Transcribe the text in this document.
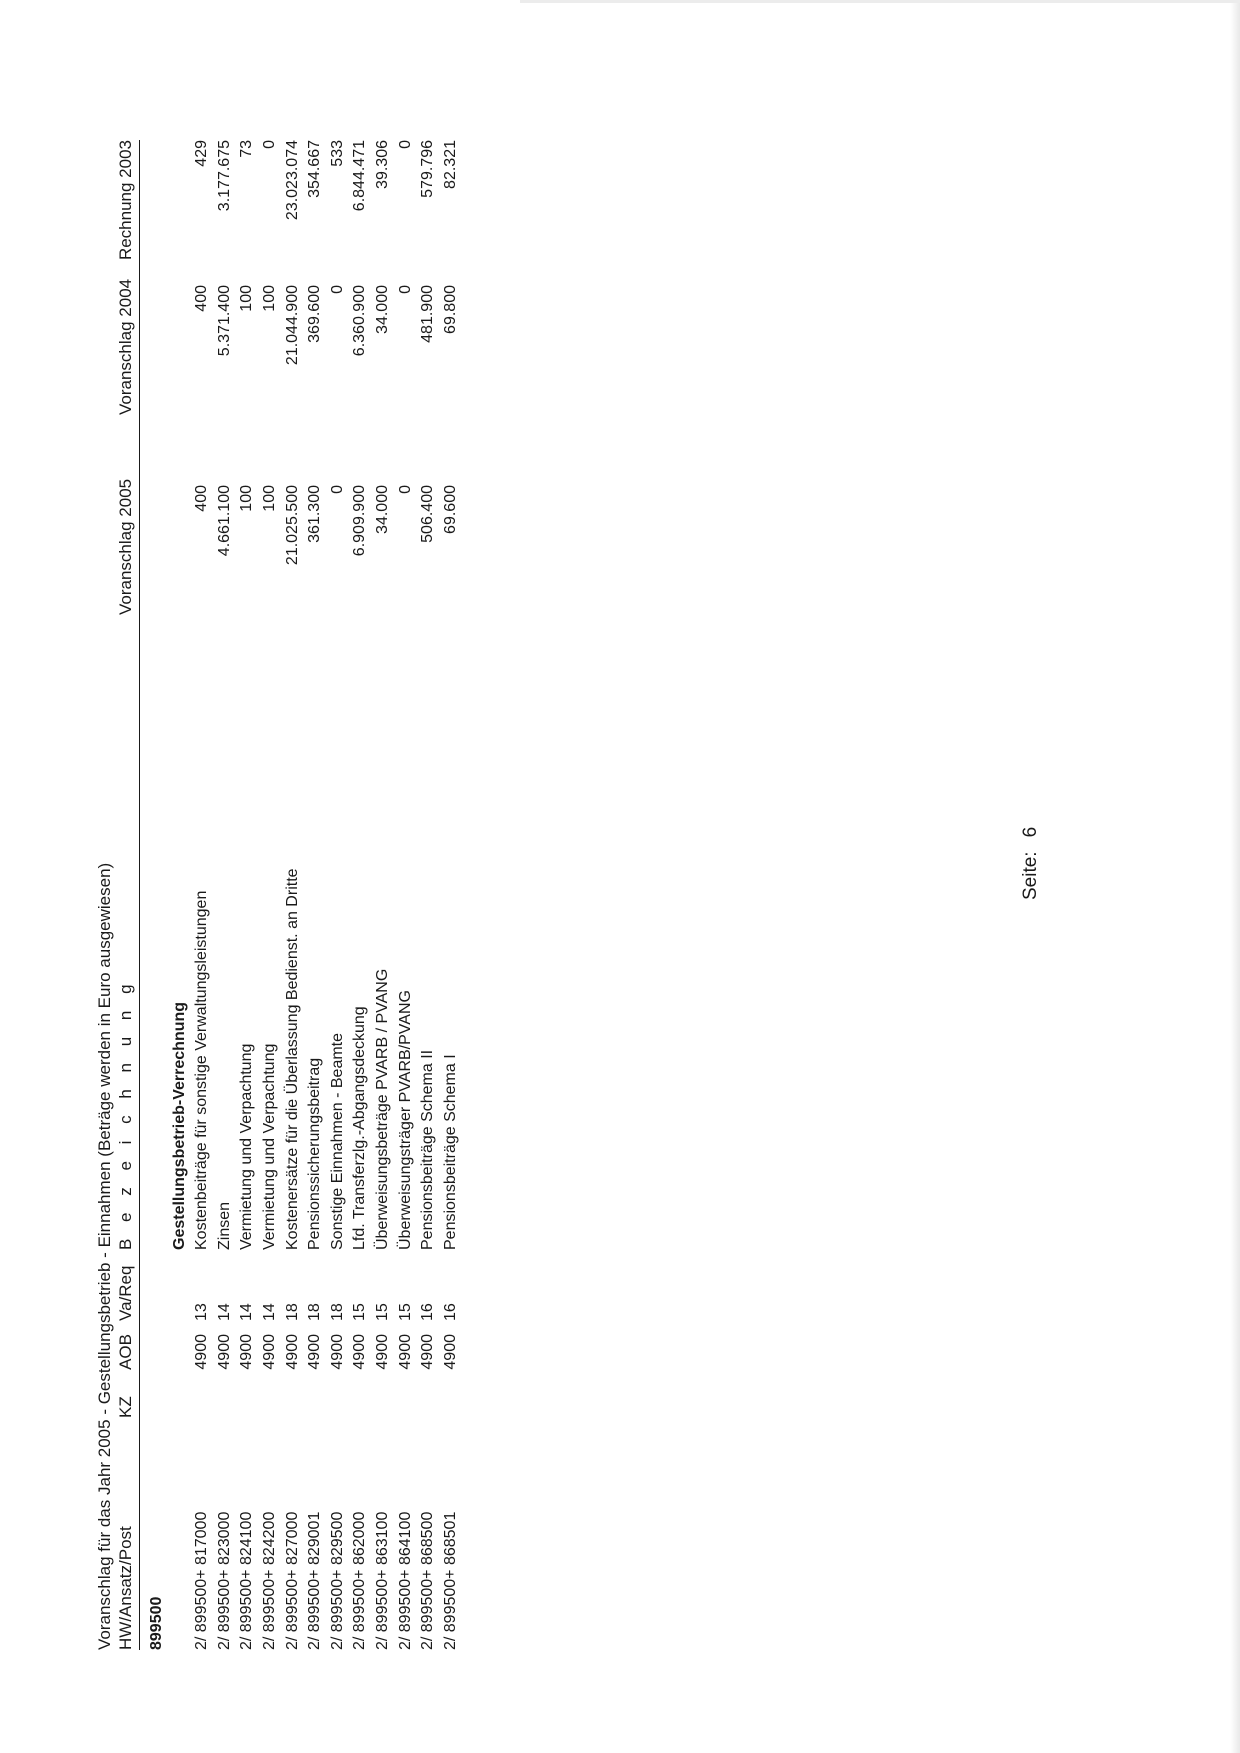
Voranschlag für das Jahr 2005 - Gestellungsbetrieb - Einnahmen (Beträge werden in Euro ausgewiesen) HW/Ansatz/Post
KZ
AOB
Va/Req
B e z e i c h n u n g
Voranschlag 2005
Voranschlag 2004
Rechnung 2003
899500
Gestellungsbetrieb-Verrechnung
2/ 899500+ 817000
4900
13
Kostenbeiträge für sonstige Verwaltungsleistungen
400
400
429
2/ 899500+ 823000
4900
14
Zinsen
4.661.100
5.371.400
3.177.675
2/ 899500+ 824100
4900
14
Vermietung und Verpachtung
100
100
73
2/ 899500+ 824200
4900
14
Vermietung und Verpachtung
100
100
0
2/ 899500+ 827000
4900
18
Kostenersätze für die Überlassung Bedienst. an Dritte
21.025.500
21.044.900
23.023.074
2/ 899500+ 829001
4900
18
Pensionssicherungsbeitrag
361.300
369.600
354.667
2/ 899500+ 829500
4900
18
Sonstige Einnahmen - Beamte
0
0
533
2/ 899500+ 862000
4900
15
Lfd. Transferzlg.-Abgangsdeckung
6.909.900
6.360.900
6.844.471
2/ 899500+ 863100
4900
15
Überweisungsbeträge PVARB / PVANG
34.000
34.000
39.306
2/ 899500+ 864100
4900
15
Überweisungsträger PVARB/PVANG
0
0
0
2/ 899500+ 868500
4900
16
Pensionsbeiträge Schema II
506.400
481.900
579.796
2/ 899500+ 868501
4900
16
Pensionsbeiträge Schema I
69.600
69.800
82.321
Seite:6
